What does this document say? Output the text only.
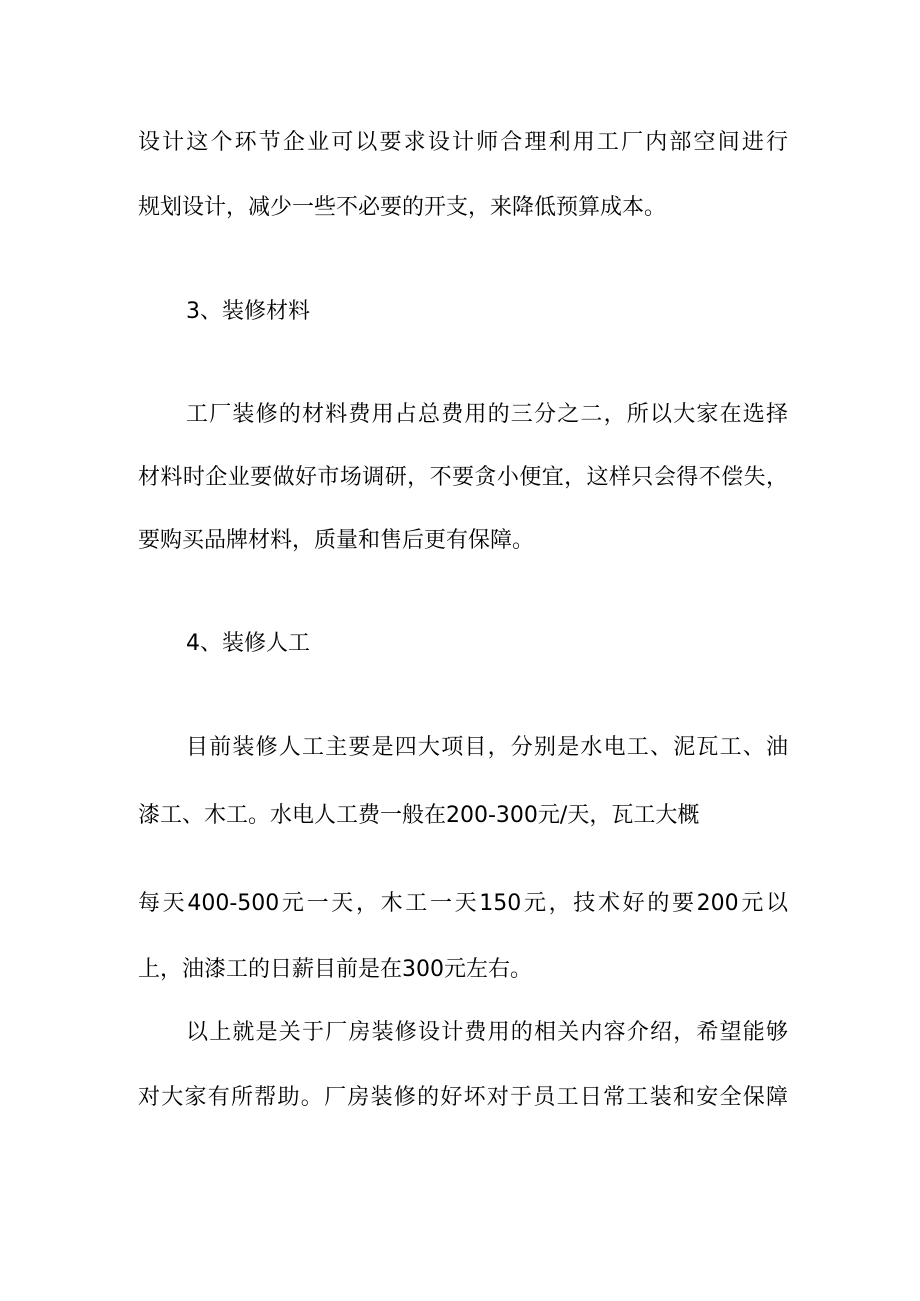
设计这个环节企业可以要求设计师合理利用工厂内部空间进行

规划设计，减少一些不必要的开支，来降低预算成本。

3、装修材料

工厂装修的材料费用占总费用的三分之二，所以大家在选择

材料时企业要做好市场调研，不要贪小便宜，这样只会得不偿失，

要购买品牌材料，质量和售后更有保障。

4、装修人工

目前装修人工主要是四大项目，分别是水电工、泥瓦工、油

漆工、木工。水电人工费一般在200-300元/天，瓦工大概

每天400-500元一天，木工一天150元，技术好的要200元以

上，油漆工的日薪目前是在300元左右。

以上就是关于厂房装修设计费用的相关内容介绍，希望能够

对大家有所帮助。厂房装修的好坏对于员工日常工装和安全保障
